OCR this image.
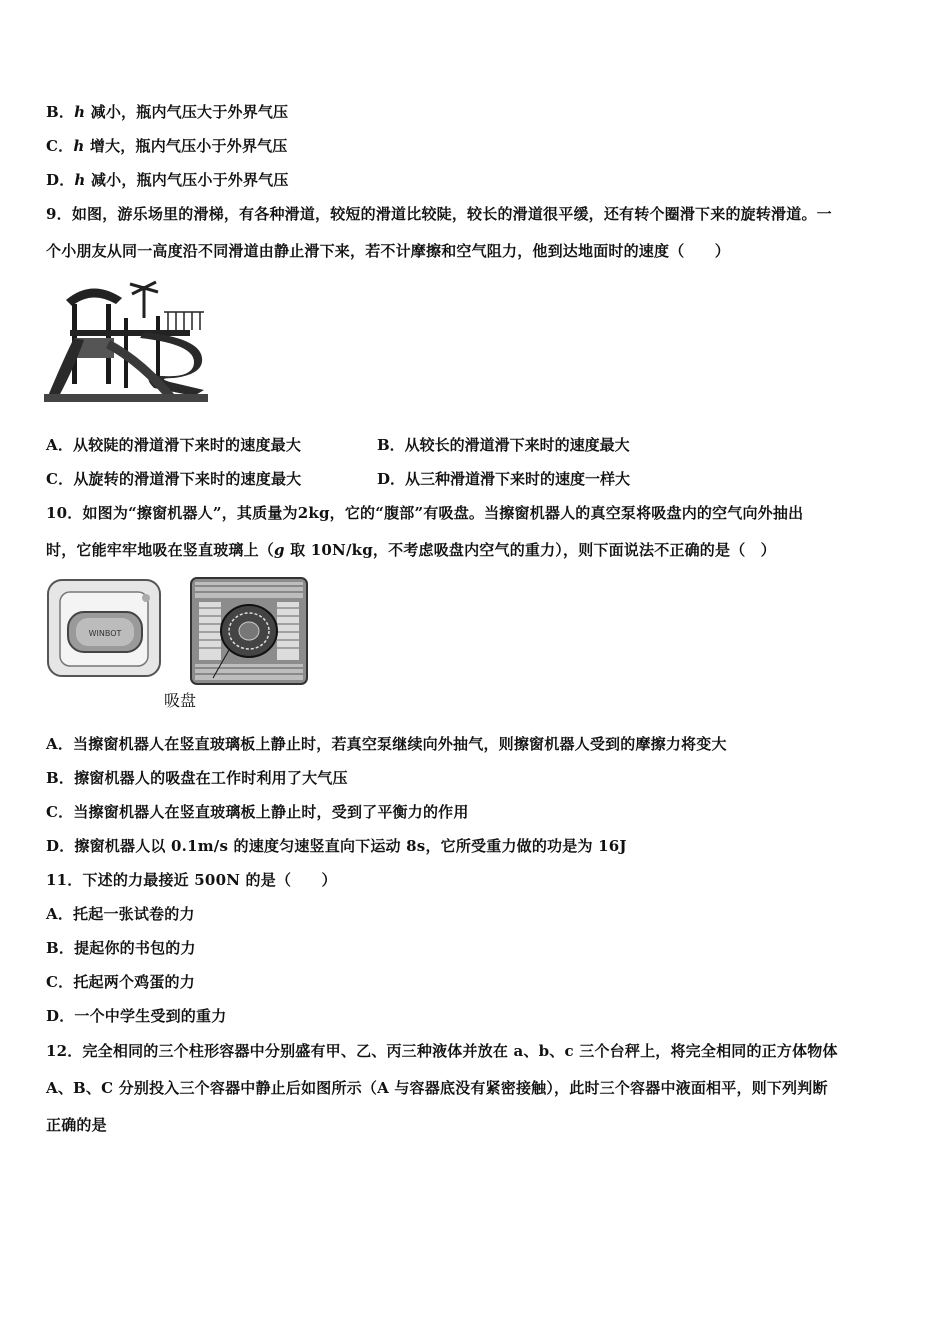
B．h 减小，瓶内气压大于外界气压
C．h 增大，瓶内气压小于外界气压
D．h 减小，瓶内气压小于外界气压
9．如图，游乐场里的滑梯，有各种滑道，较短的滑道比较陡，较长的滑道很平缓，还有转个圈滑下来的旋转滑道。一
个小朋友从同一高度沿不同滑道由静止滑下来，若不计摩擦和空气阻力，他到达地面时的速度（　　）
A．从较陡的滑道滑下来时的速度最大	B．从较长的滑道滑下来时的速度最大
C．从旋转的滑道滑下来时的速度最大	D．从三种滑道滑下来时的速度一样大
10．如图为“擦窗机器人”，其质量为2kg，它的“腹部”有吸盘。当擦窗机器人的真空泵将吸盘内的空气向外抽出
时，它能牢牢地吸在竖直玻璃上（g 取 10N/kg，不考虑吸盘内空气的重力），则下面说法不正确的是（　）
WINBOT
吸盘
A．当擦窗机器人在竖直玻璃板上静止时，若真空泵继续向外抽气，则擦窗机器人受到的摩擦力将变大
B．擦窗机器人的吸盘在工作时利用了大气压
C．当擦窗机器人在竖直玻璃板上静止时，受到了平衡力的作用
D．擦窗机器人以 0.1m/s 的速度匀速竖直向下运动 8s，它所受重力做的功是为 16J
11．下述的力最接近 500N 的是（　　）
A．托起一张试卷的力
B．提起你的书包的力
C．托起两个鸡蛋的力
D．一个中学生受到的重力
12．完全相同的三个柱形容器中分别盛有甲、乙、丙三种液体并放在 a、b、c 三个台秤上，将完全相同的正方体物体
A、B、C 分别投入三个容器中静止后如图所示（A 与容器底没有紧密接触），此时三个容器中液面相平，则下列判断
正确的是
